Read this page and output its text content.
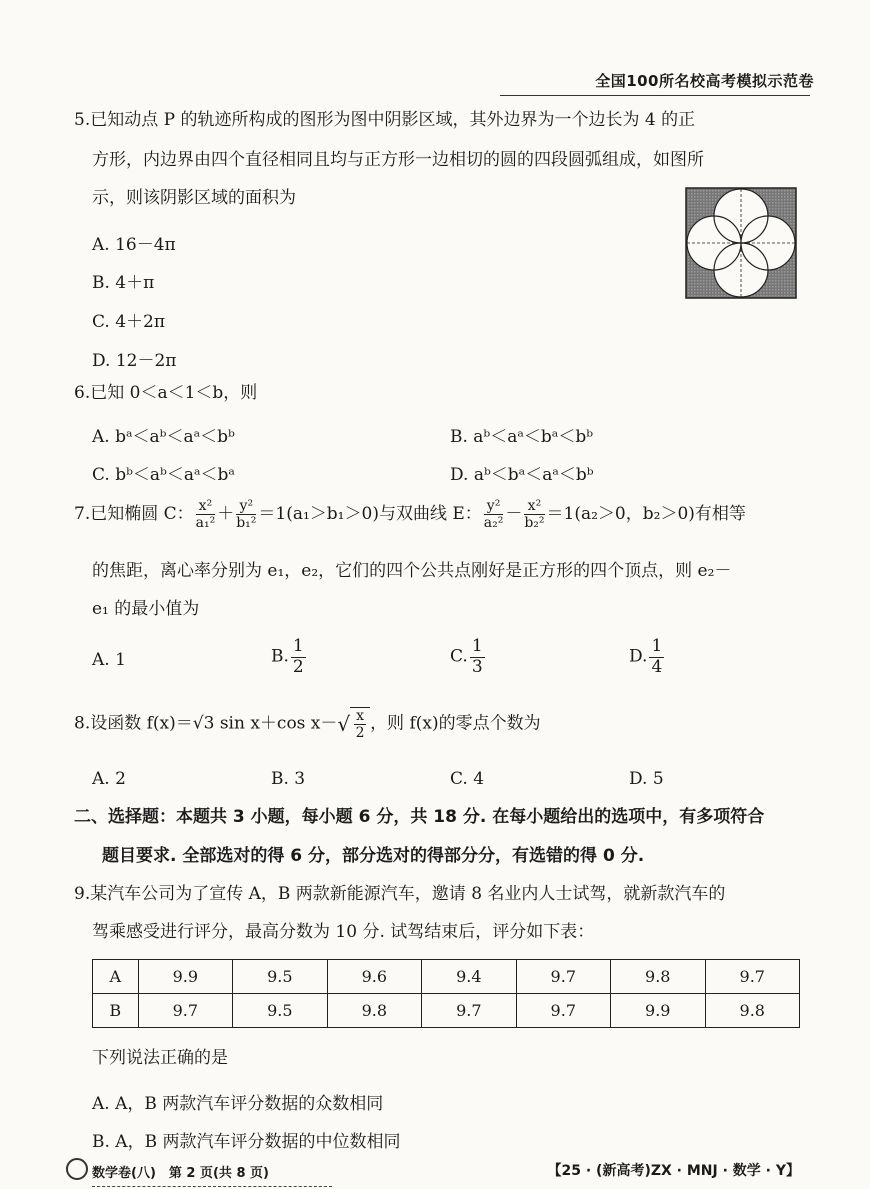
全国100所名校高考模拟示范卷
5.已知动点 P 的轨迹所构成的图形为图中阴影区域，其外边界为一个边长为 4 的正
方形，内边界由四个直径相同且均与正方形一边相切的圆的四段圆弧组成，如图所
示，则该阴影区域的面积为
A. 16－4π
B. 4＋π
C. 4＋2π
D. 12－2π
6.已知 0＜a＜1＜b，则
A. bᵃ＜aᵇ＜aᵃ＜bᵇ	B. aᵇ＜aᵃ＜bᵃ＜bᵇ
C. bᵇ＜aᵇ＜aᵃ＜bᵃ	D. aᵇ＜bᵃ＜aᵃ＜bᵇ
7.已知椭圆 C： $\frac{\text{x²}}{\text{a₁²}} + \frac{\text{y²}}{\text{b₁²}} =1(a_1>b_1>0)$与双曲线 E： $\frac{\text{y²}}{\text{a₂²}} - \frac{\text{x²}}{\text{b₂²}} =1(a_2>0$，b₂＞0)有相等
的焦距，离心率分别为 e₁，e₂，它们的四个公共点刚好是正方形的四个顶点，则 e₂－
e₁ 的最小值为
A. 1	B. $\frac{1}{2}$	C. $\frac{1}{3}$	D. $\frac{1}{4}$
8.设函数 f(x)＝√3 sin x＋cos $x-√ \frac{x}{2}$ ，则 f(x)的零点个数为
A. 2	B. 3	C. 4	D. 5
二、选择题：本题共 3 小题，每小题 6 分，共 18 分. 在每小题给出的选项中，有多项符合
题目要求. 全部选对的得 6 分，部分选对的得部分分，有选错的得 0 分.
9.某汽车公司为了宣传 A，B 两款新能源汽车，邀请 8 名业内人士试驾，就新款汽车的
驾乘感受进行评分，最高分数为 10 分. 试驾结束后，评分如下表：
A	9.9	9.5	9.6	9.4	9.7	9.8	9.7
B	9.7	9.5	9.8	9.7	9.7	9.9	9.8
下列说法正确的是
A. A，B 两款汽车评分数据的众数相同
B. A，B 两款汽车评分数据的中位数相同
数学卷(八)　第 2 页(共 8 页)	【25 · (新高考)ZX · MNJ · 数学 · Y】
